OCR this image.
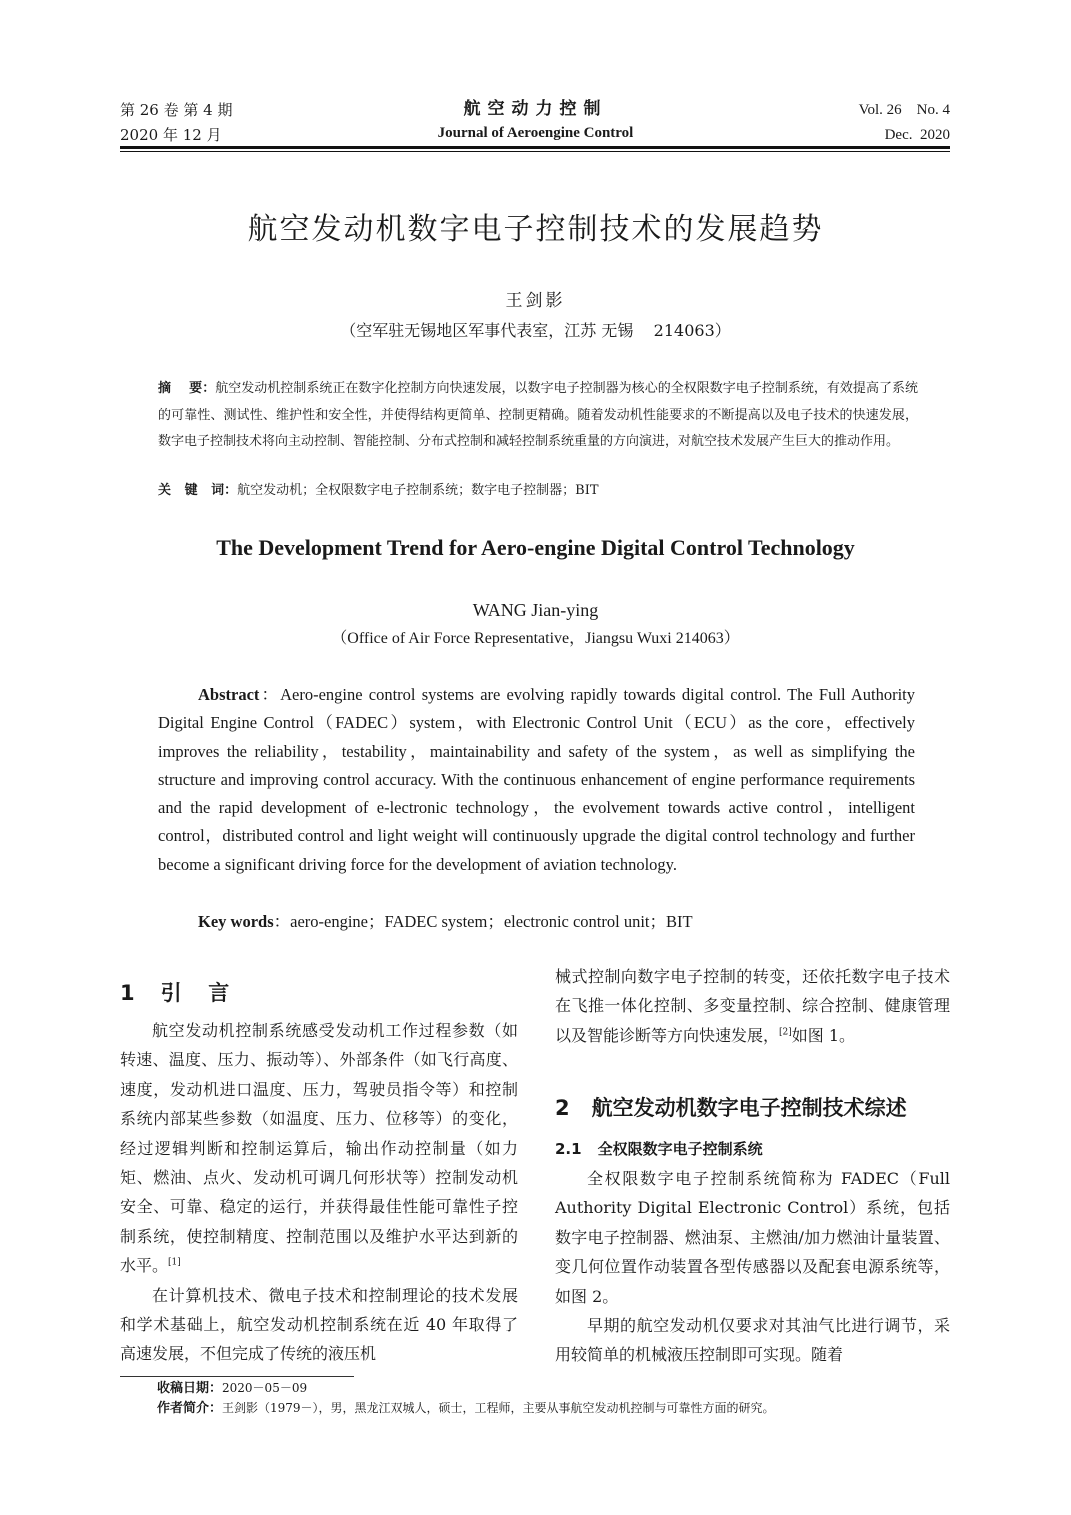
第 26 卷 第 4 期
2020 年 12 月
航空动力控制
Journal of Aeroengine Control
Vol. 26    No. 4
Dec.  2020
航空发动机数字电子控制技术的发展趋势
王剑影
（空军驻无锡地区军事代表室，江苏 无锡    214063）
摘    要：航空发动机控制系统正在数字化控制方向快速发展，以数字电子控制器为核心的全权限数字电子控制系统，有效提高了系统的可靠性、测试性、维护性和安全性，并使得结构更简单、控制更精确。随着发动机性能要求的不断提高以及电子技术的快速发展，数字电子控制技术将向主动控制、智能控制、分布式控制和减轻控制系统重量的方向演进，对航空技术发展产生巨大的推动作用。
关   键   词：航空发动机；全权限数字电子控制系统；数字电子控制器；BIT
The Development Trend for Aero-engine Digital Control Technology
WANG Jian-ying
（Office of Air Force Representative，Jiangsu Wuxi 214063）
Abstract：Aero-engine control systems are evolving rapidly towards digital control. The Full Authority Digital Engine Control（FADEC）system，with Electronic Control Unit（ECU）as the core，effectively improves the reliability，testability，maintainability and safety of the system，as well as simplifying the structure and improving control accuracy. With the continuous enhancement of engine performance requirements and the rapid development of e-lectronic technology，the evolvement towards active control，intelligent control，distributed control and light weight will continuously upgrade the digital control technology and further become a significant driving force for the development of aviation technology.
Key words：aero-engine；FADEC system；electronic control unit；BIT
1 引  言

航空发动机控制系统感受发动机工作过程参数（如转速、温度、压力、振动等）、外部条件（如飞行高度、速度，发动机进口温度、压力，驾驶员指令等）和控制系统内部某些参数（如温度、压力、位移等）的变化，经过逻辑判断和控制运算后，输出作动控制量（如力矩、燃油、点火、发动机可调几何形状等）控制发动机安全、可靠、稳定的运行，并获得最佳性能可靠性子控制系统，使控制精度、控制范围以及维护水平达到新的水平。[1]

在计算机技术、微电子技术和控制理论的技术发展和学术基础上，航空发动机控制系统在近 40 年取得了高速发展，不但完成了传统的液压机

械式控制向数字电子控制的转变，还依托数字电子技术在飞推一体化控制、多变量控制、综合控制、健康管理以及智能诊断等方向快速发展，[2]如图 1。

2 航空发动机数字电子控制技术综述
2.1 全权限数字电子控制系统

全权限数字电子控制系统简称为 FADEC（Full Authority Digital Electronic Control）系统，包括数字电子控制器、燃油泵、主燃油/加力燃油计量装置、变几何位置作动装置各型传感器以及配套电源系统等，如图 2。

早期的航空发动机仅要求对其油气比进行调节，采用较简单的机械液压控制即可实现。随着

收稿日期：2020－05－09
作者简介：王剑影（1979－），男，黑龙江双城人，硕士，工程师，主要从事航空发动机控制与可靠性方面的研究。
